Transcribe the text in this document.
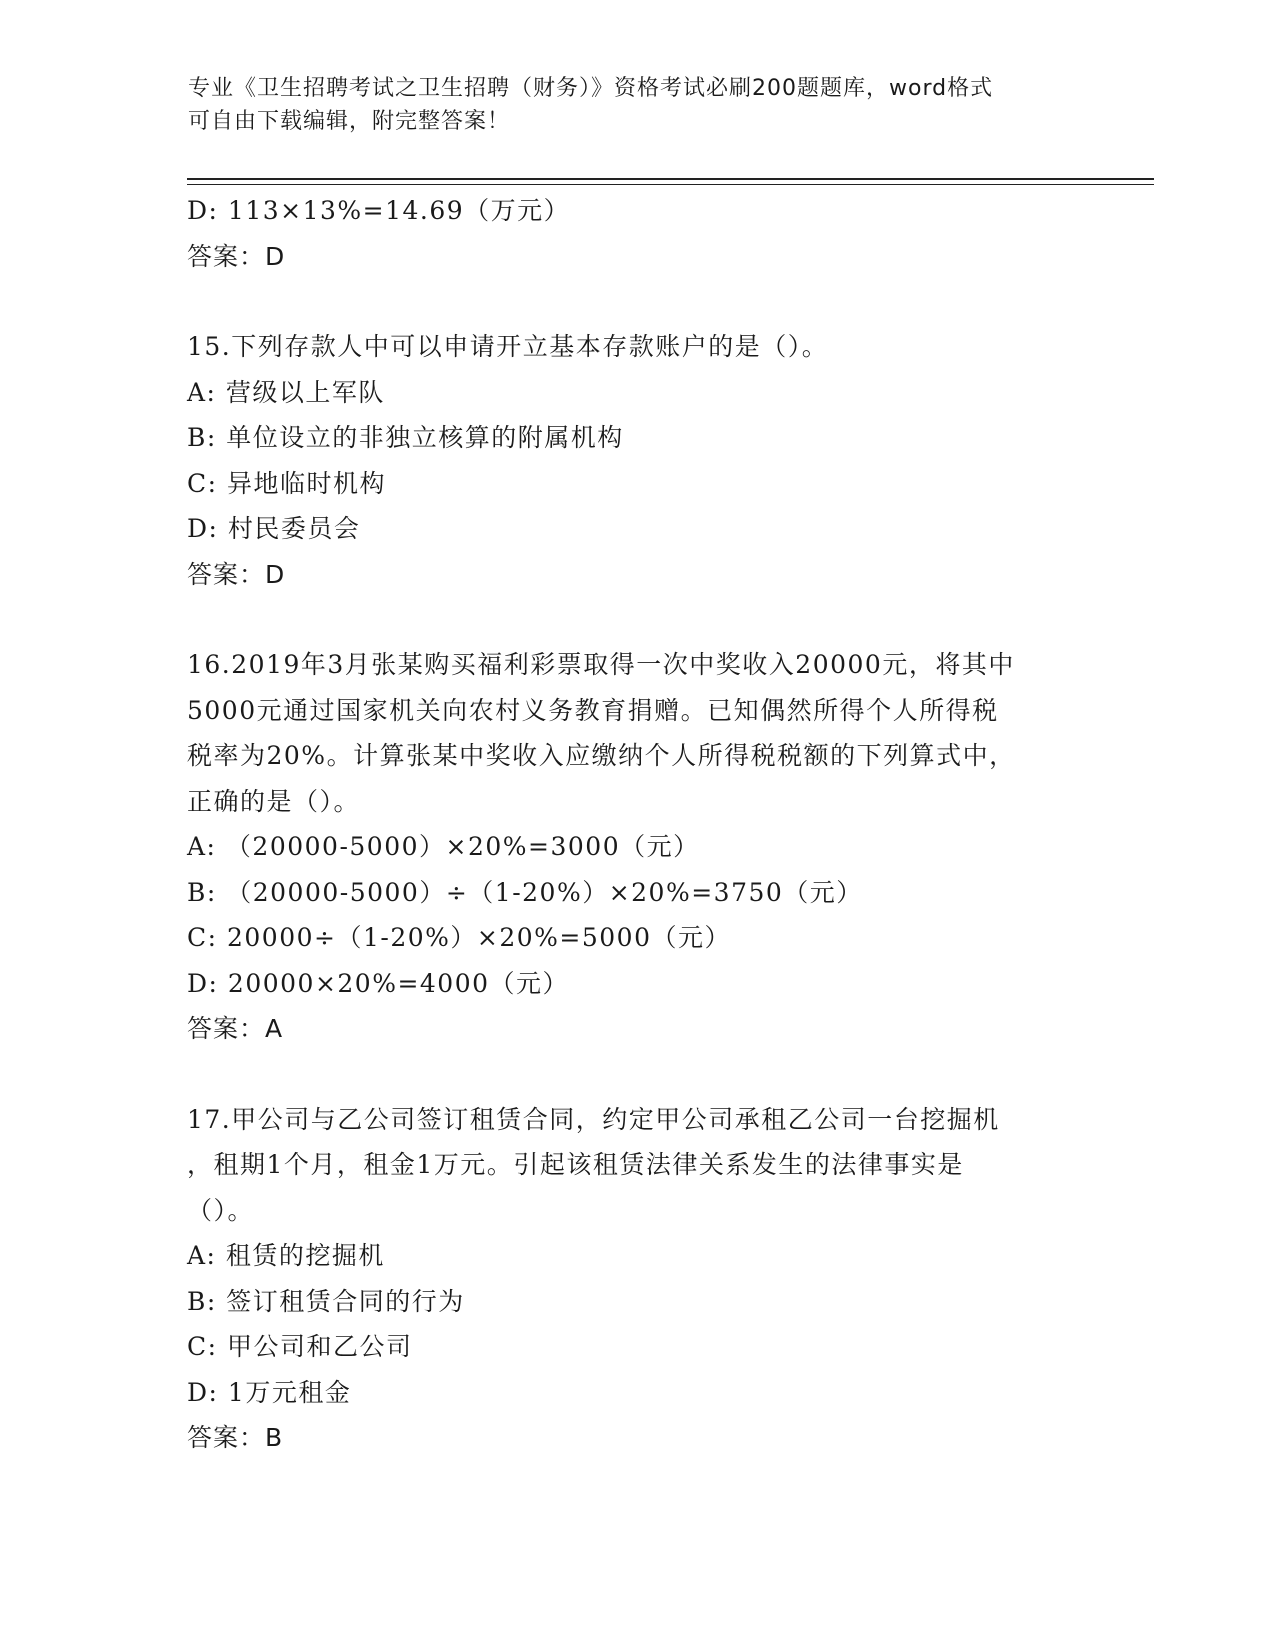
专业《卫生招聘考试之卫生招聘（财务）》资格考试必刷200题题库，word格式
可自由下载编辑，附完整答案！
D: 113×13%=14.69（万元）
答案：D
15.下列存款人中可以申请开立基本存款账户的是（）。
A: 营级以上军队
B: 单位设立的非独立核算的附属机构
C: 异地临时机构
D: 村民委员会
答案：D
16.2019年3月张某购买福利彩票取得一次中奖收入20000元，将其中
5000元通过国家机关向农村义务教育捐赠。已知偶然所得个人所得税
税率为20%。计算张某中奖收入应缴纳个人所得税税额的下列算式中，
正确的是（）。
A: （20000-5000）×20%=3000（元）
B: （20000-5000）÷（1-20%）×20%=3750（元）
C: 20000÷（1-20%）×20%=5000（元）
D: 20000×20%=4000（元）
答案：A
17.甲公司与乙公司签订租赁合同，约定甲公司承租乙公司一台挖掘机
，租期1个月，租金1万元。引起该租赁法律关系发生的法律事实是
（）。
A: 租赁的挖掘机
B: 签订租赁合同的行为
C: 甲公司和乙公司
D: 1万元租金
答案：B
